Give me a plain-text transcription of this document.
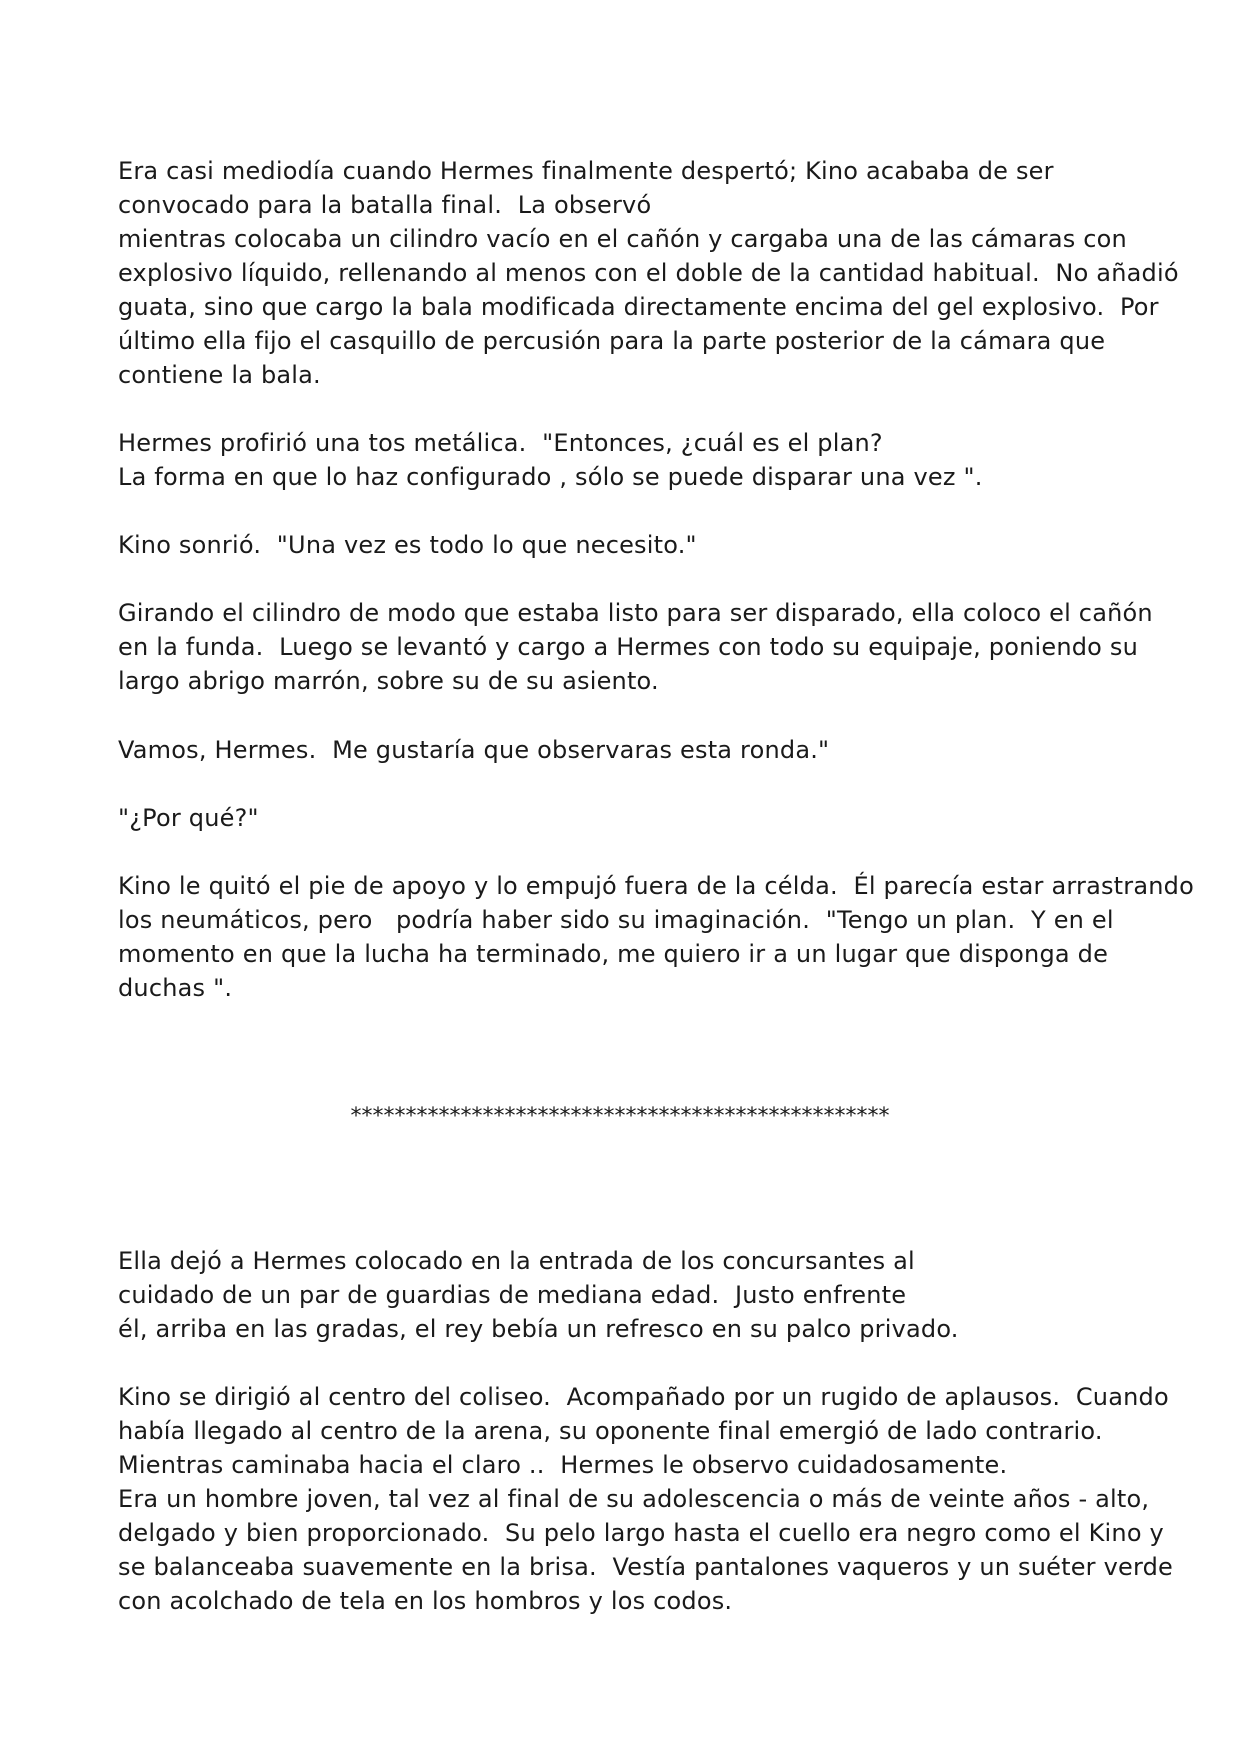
Era casi mediodía cuando Hermes finalmente despertó; Kino acababa de ser
convocado para la batalla final.  La observó
mientras colocaba un cilindro vacío en el cañón y cargaba una de las cámaras con
explosivo líquido, rellenando al menos con el doble de la cantidad habitual.  No añadió
guata, sino que cargo la bala modificada directamente encima del gel explosivo.  Por
último ella fijo el casquillo de percusión para la parte posterior de la cámara que
contiene la bala.
Hermes profirió una tos metálica.  "Entonces, ¿cuál es el plan?
La forma en que lo haz configurado , sólo se puede disparar una vez ".
Kino sonrió.  "Una vez es todo lo que necesito."
Girando el cilindro de modo que estaba listo para ser disparado, ella coloco el cañón
en la funda.  Luego se levantó y cargo a Hermes con todo su equipaje, poniendo su
largo abrigo marrón, sobre su de su asiento.
Vamos, Hermes.  Me gustaría que observaras esta ronda."
"¿Por qué?"
Kino le quitó el pie de apoyo y lo empujó fuera de la célda.  Él parecía estar arrastrando
los neumáticos, pero   podría haber sido su imaginación.  "Tengo un plan.  Y en el
momento en que la lucha ha terminado, me quiero ir a un lugar que disponga de
duchas ".
*************************************************
Ella dejó a Hermes colocado en la entrada de los concursantes al
cuidado de un par de guardias de mediana edad.  Justo enfrente
él, arriba en las gradas, el rey bebía un refresco en su palco privado.
Kino se dirigió al centro del coliseo.  Acompañado por un rugido de aplausos.  Cuando
había llegado al centro de la arena, su oponente final emergió de lado contrario.
Mientras caminaba hacia el claro ..  Hermes le observo cuidadosamente.
Era un hombre joven, tal vez al final de su adolescencia o más de veinte años - alto,
delgado y bien proporcionado.  Su pelo largo hasta el cuello era negro como el Kino y
se balanceaba suavemente en la brisa.  Vestía pantalones vaqueros y un suéter verde
con acolchado de tela en los hombros y los codos.
